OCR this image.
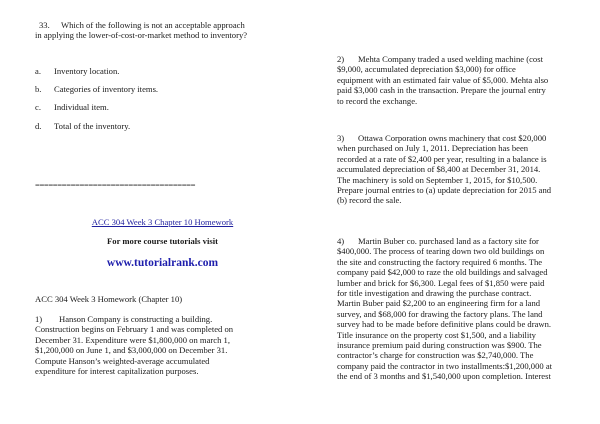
33. Which of the following is not an acceptable approach
in applying the lower-of-cost-or-market method to inventory?
a. Inventory location.
b. Categories of inventory items.
c. Individual item.
d. Total of the inventory.
====================================
ACC 304 Week 3 Chapter 10 Homework
For more course tutorials visit
www.tutorialrank.com
ACC 304 Week 3 Homework (Chapter 10)
1) Hanson Company is constructing a building.
Construction begins on February 1 and was completed on
December 31. Expenditure were $1,800,000 on march 1,
$1,200,000 on June 1, and $3,000,000 on December 31.
Compute Hanson’s weighted-average accumulated
expenditure for interest capitalization purposes.
2) Mehta Company traded a used welding machine (cost
$9,000, accumulated depreciation $3,000) for office
equipment with an estimated fair value of $5,000. Mehta also
paid $3,000 cash in the transaction. Prepare the journal entry
to record the exchange.
3) Ottawa Corporation owns machinery that cost $20,000
when purchased on July 1, 2011. Depreciation has been
recorded at a rate of $2,400 per year, resulting in a balance is
accumulated depreciation of $8,400 at December 31, 2014.
The machinery is sold on September 1, 2015, for $10,500.
Prepare journal entries to (a) update depreciation for 2015 and
(b) record the sale.
4) Martin Buber co. purchased land as a factory site for
$400,000. The process of tearing down two old buildings on
the site and constructing the factory required 6 months. The
company paid $42,000 to raze the old buildings and salvaged
lumber and brick for $6,300. Legal fees of $1,850 were paid
for title investigation and drawing the purchase contract.
Martin Buber paid $2,200 to an engineering firm for a land
survey, and $68,000 for drawing the factory plans. The land
survey had to be made before definitive plans could be drawn.
Title insurance on the property cost $1,500, and a liability
insurance premium paid during construction was $900. The
contractor’s charge for construction was $2,740,000. The
company paid the contractor in two installments:$1,200,000 at
the end of 3 months and $1,540,000 upon completion. Interest
